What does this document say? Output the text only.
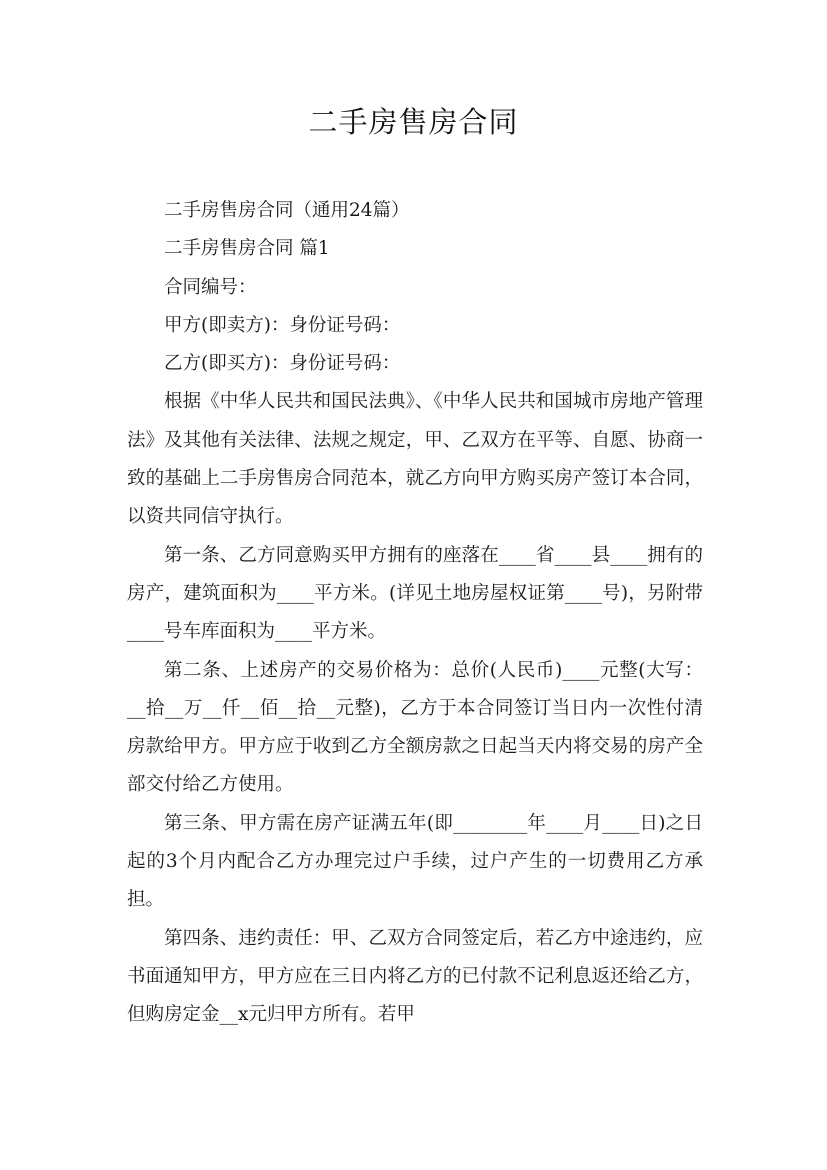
二手房售房合同

二手房售房合同（通用24篇）

二手房售房合同 篇1

合同编号：

甲方(即卖方)：身份证号码：

乙方(即买方)：身份证号码：

根据《中华人民共和国民法典》、《中华人民共和国城市房地产管理法》及其他有关法律、法规之规定，甲、乙双方在平等、自愿、协商一致的基础上二手房售房合同范本，就乙方向甲方购买房产签订本合同，以资共同信守执行。

第一条、乙方同意购买甲方拥有的座落在____省____县____拥有的房产，建筑面积为____平方米。(详见土地房屋权证第____号)，另附带____号车库面积为____平方米。

第二条、上述房产的交易价格为：总价(人民币)____元整(大写：__拾__万__仟__佰__拾__元整)，乙方于本合同签订当日内一次性付清房款给甲方。甲方应于收到乙方全额房款之日起当天内将交易的房产全部交付给乙方使用。

第三条、甲方需在房产证满五年(即________年____月____日)之日起的3个月内配合乙方办理完过户手续，过户产生的一切费用乙方承担。

第四条、违约责任：甲、乙双方合同签定后，若乙方中途违约，应书面通知甲方，甲方应在三日内将乙方的已付款不记利息返还给乙方，但购房定金__x元归甲方所有。若甲
